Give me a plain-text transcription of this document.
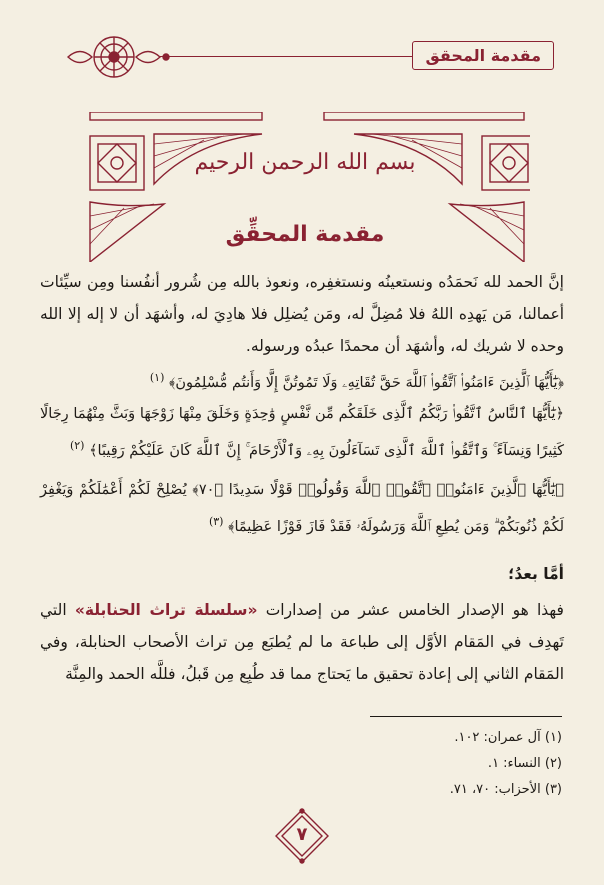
مقدمة المحقق
بسم الله الرحمن الرحيم
مقدمة المحقِّق
إنَّ الحمد لله نَحمَدُه ونستعينُه ونستغفِره، ونعوذ بالله مِن شُرور أنفُسنا ومِن سيِّئات أعمالنا، مَن يَهدِه اللهُ فلا مُضِلَّ له، ومَن يُضلِل فلا هادِيَ له، وأشهَد أن لا إله إلا الله وحده لا شريك له، وأشهَد أن محمدًا عبدُه ورسوله.
﴿يَٰٓأَيُّهَا ٱلَّذِينَ ءَامَنُوا۟ ٱتَّقُوا۟ ٱللَّهَ حَقَّ تُقَاتِهِۦ وَلَا تَمُوتُنَّ إِلَّا وَأَنتُم مُّسْلِمُونَ﴾ $^{(١)}$
﴿يَٰٓأَيُّهَا ٱلنَّاسُ ٱتَّقُوا۟ رَبَّكُمُ ٱلَّذِى خَلَقَكُم مِّن نَّفْسٍ وَٰحِدَةٍ وَخَلَقَ مِنْهَا زَوْجَهَا وَبَثَّ مِنْهُمَا رِجَالًا كَثِيرًا وَنِسَآءً ۚ وَٱتَّقُوا۟ ٱللَّهَ ٱلَّذِى تَسَآءَلُونَ بِهِۦ وَٱلْأَرْحَامَ ۚ إِنَّ ٱللَّهَ كَانَ عَلَيْكُمْ رَقِيبًا﴾ $^{(٢)}$
﴿يَٰٓأَيُّهَا ٱلَّذِينَ ءَامَنُوا۟ ٱتَّقُوا۟ ٱللَّهَ وَقُولُوا۟ قَوْلًا سَدِيدًا ﴿٧٠﴾ يُصْلِحْ لَكُمْ أَعْمَٰلَكُمْ وَيَغْفِرْ لَكُمْ ذُنُوبَكُمْ ۗ وَمَن يُطِعِ ٱللَّهَ وَرَسُولَهُۥ فَقَدْ فَازَ فَوْزًا عَظِيمًا﴾ $^{(٣)}$
أمَّا بعدُ؛
فهذا هو الإصدار الخامس عشر من إصدارات «سلسلة تراث الحنابلة» التي تَهدِف في المَقام الأوَّل إلى طباعة ما لم يُطبَع مِن تراث الأصحاب الحنابلة، وفي المَقام الثاني إلى إعادة تحقيق ما يَحتاج مما قد طُبِع مِن قَبلُ، فللَّه الحمد والمِنَّة
(١) آل عمران: ١٠٢.
(٢) النساء: ١.
(٣) الأحزاب: ٧٠، ٧١.
٧
